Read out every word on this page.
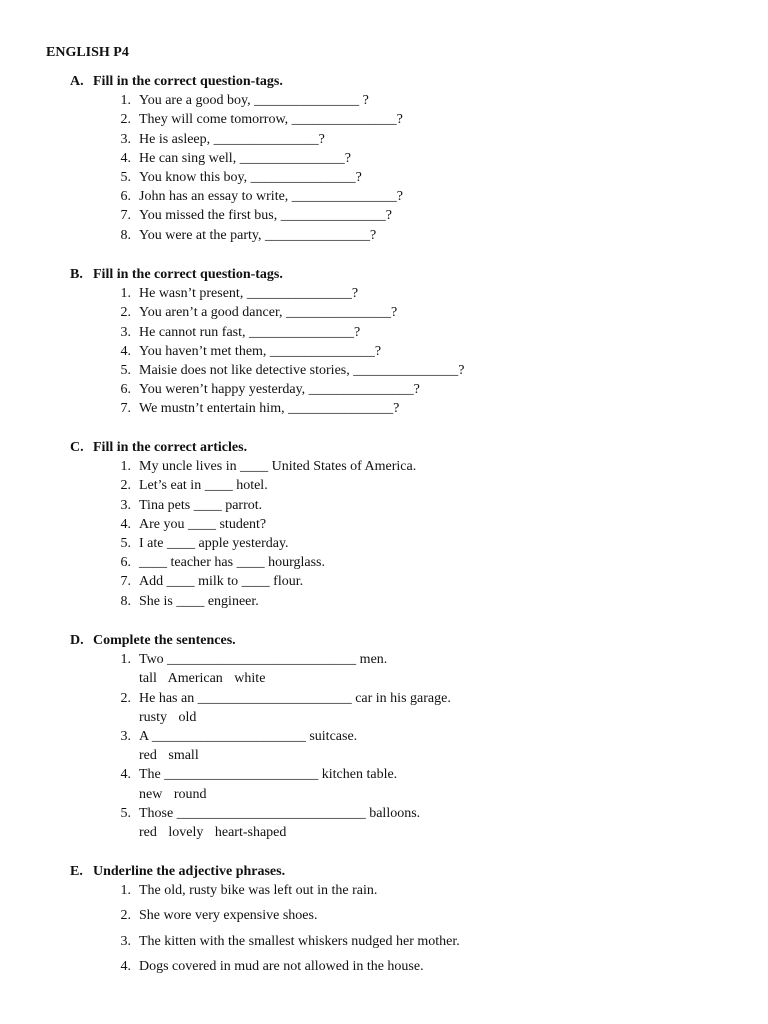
ENGLISH P4
A. Fill in the correct question-tags.
1. You are a good boy, _______________ ?
2. They will come tomorrow, _______________?
3. He is asleep, _______________?
4. He can sing well, _______________?
5. You know this boy, _______________?
6. John has an essay to write, _______________?
7. You missed the first bus, _______________?
8. You were at the party, _______________?
B. Fill in the correct question-tags.
1. He wasn’t present, _______________?
2. You aren’t a good dancer, _______________?
3. He cannot run fast, _______________?
4. You haven’t met them, _______________?
5. Maisie does not like detective stories, _______________?
6. You weren’t happy yesterday, _______________?
7. We mustn’t entertain him, _______________?
C. Fill in the correct articles.
1. My uncle lives in ____ United States of America.
2. Let’s eat in ____ hotel.
3. Tina pets ____ parrot.
4. Are you ____ student?
5. I ate ____ apple yesterday.
6. ____ teacher has ____ hourglass.
7. Add ____ milk to ____ flour.
8. She is ____ engineer.
D. Complete the sentences.
1. Two ___________________________ men.
tall American white
2. He has an ______________________ car in his garage.
rusty old
3. A ______________________ suitcase.
red small
4. The ______________________ kitchen table.
new round
5. Those ___________________________ balloons.
red lovely heart-shaped
E. Underline the adjective phrases.
1. The old, rusty bike was left out in the rain.
2. She wore very expensive shoes.
3. The kitten with the smallest whiskers nudged her mother.
4. Dogs covered in mud are not allowed in the house.
